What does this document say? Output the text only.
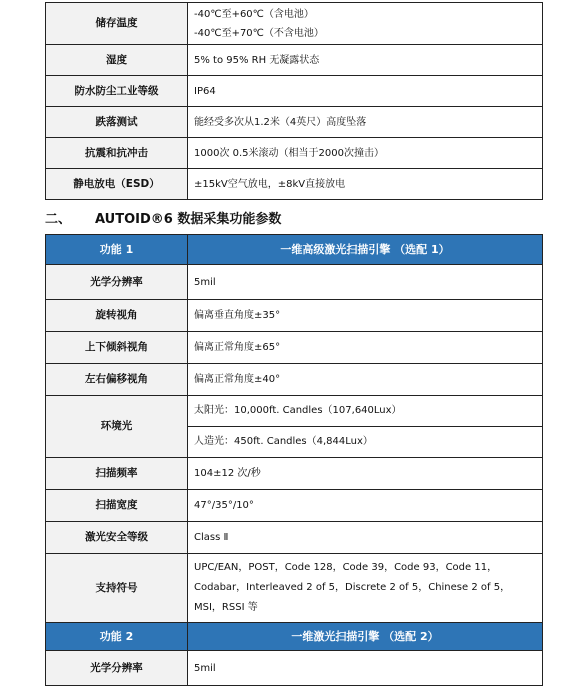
储存温度	-40℃至+60℃（含电池）
-40℃至+70℃（不含电池）

湿度	5% to 95% RH 无凝露状态
防水防尘工业等级	IP64
跌落测试	能经受多次从1.2米（4英尺）高度坠落
抗震和抗冲击	1000次 0.5米滚动（相当于2000次撞击）
静电放电（ESD）	±15kV空气放电，±8kV直接放电
二、 AUTOID®6 数据采集功能参数
功能 1	一维高级激光扫描引擎 （选配 1）
光学分辨率	5mil
旋转视角	偏离垂直角度±35°
上下倾斜视角	偏离正常角度±65°
左右偏移视角	偏离正常角度±40°
环境光	太阳光：10,000ft. Candles（107,640Lux）
人造光：450ft. Candles（4,844Lux）

扫描频率	104±12 次/秒
扫描宽度	47°/35°/10°
激光安全等级	Class Ⅱ
支持符号	UPC/EAN，POST，Code 128，Code 39，Code 93，Code 11，Codabar，Interleaved 2 of 5，Discrete 2 of 5，Chinese 2 of 5，MSI，RSSI 等
功能 2	一维激光扫描引擎 （选配 2）
光学分辨率	5mil
